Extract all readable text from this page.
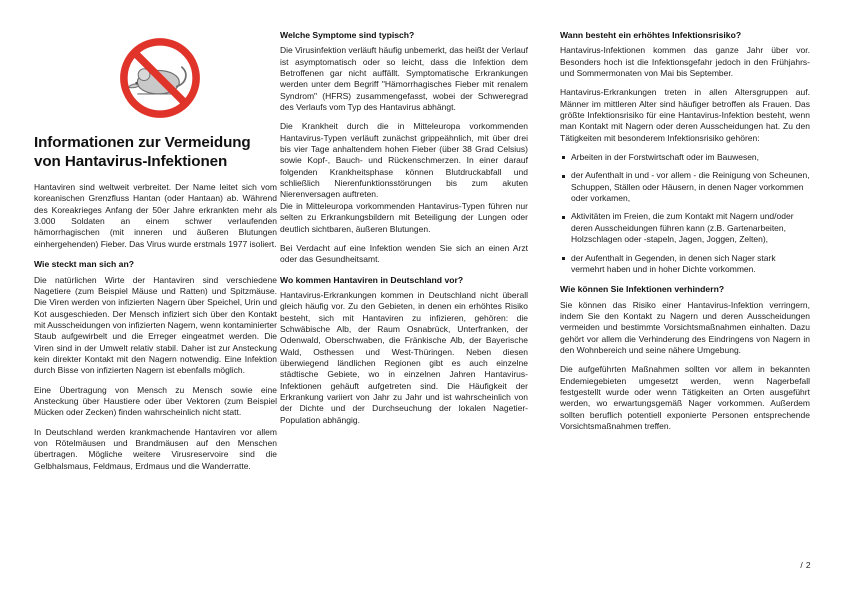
Informationen zur Vermeidung
von Hantavirus-Infektionen

Hantaviren sind weltweit verbreitet. Der Name leitet sich vom koreanischen Grenzfluss Hantan (oder Hantaan) ab. Während des Koreakrieges Anfang der 50er Jahre erkrankten mehr als 3.000 Soldaten an einem schwer verlaufenden hämorrhagischen (mit inneren und äußeren Blutungen einhergehenden) Fieber. Das Virus wurde erstmals 1977 isoliert.

Wie steckt man sich an?

Die natürlichen Wirte der Hantaviren sind verschiedene Nagetiere (zum Beispiel Mäuse und Ratten) und Spitzmäuse. Die Viren werden von infizierten Nagern über Speichel, Urin und Kot ausgeschieden. Der Mensch infiziert sich über den Kontakt mit Ausscheidungen von infizierten Nagern, wenn kontaminierter Staub aufgewirbelt und die Erreger eingeatmet werden. Die Viren sind in der Umwelt relativ stabil. Daher ist zur Ansteckung kein direkter Kontakt mit den Nagern notwendig. Eine Infektion durch Bisse von infizierten Nagern ist ebenfalls möglich.

Eine Übertragung von Mensch zu Mensch sowie eine Ansteckung über Haustiere oder über Vektoren (zum Beispiel Mücken oder Zecken) finden wahrscheinlich nicht statt.

In Deutschland werden krankmachende Hantaviren vor allem von Rötelmäusen und Brandmäusen auf den Menschen übertragen. Mögliche weitere Virusreservoire sind die Gelbhalsmaus, Feldmaus, Erdmaus und die Wanderratte.

Welche Symptome sind typisch?

Die Virusinfektion verläuft häufig unbemerkt, das heißt der Verlauf ist asymptomatisch oder so leicht, dass die Infektion dem Betroffenen gar nicht auffällt. Symptomatische Erkrankungen werden unter dem Begriff "Hämorrhagisches Fieber mit renalem Syndrom" (HFRS) zusammengefasst, wobei der Schweregrad des Verlaufs vom Typ des Hantavirus abhängt.

Die Krankheit durch die in Mitteleuropa vorkommenden Hantavirus-Typen verläuft zunächst grippeähnlich, mit über drei bis vier Tage anhaltendem hohen Fieber (über 38 Grad Celsius) sowie Kopf-, Bauch- und Rückenschmerzen. In einer darauf folgenden Krankheitsphase können Blutdruckabfall und schließlich Nierenfunktionsstörungen bis zum akuten Nierenversagen auftreten.

Die in Mitteleuropa vorkommenden Hantavirus-Typen führen nur selten zu Erkrankungsbildern mit Beteiligung der Lungen oder deutlich sichtbaren, äußeren Blutungen.

Bei Verdacht auf eine Infektion wenden Sie sich an einen Arzt oder das Gesundheitsamt.

Wo kommen Hantaviren in Deutschland vor?

Hantavirus-Erkrankungen kommen in Deutschland nicht überall gleich häufig vor. Zu den Gebieten, in denen ein erhöhtes Risiko besteht, sich mit Hantaviren zu infizieren, gehören: die Schwäbische Alb, der Raum Osnabrück, Unterfranken, der Odenwald, Oberschwaben, die Fränkische Alb, der Bayerische Wald, Osthessen und West-Thüringen. Neben diesen überwiegend ländlichen Regionen gibt es auch einzelne städtische Gebiete, wo in einzelnen Jahren Hantavirus-Infektionen gehäuft aufgetreten sind. Die Häufigkeit der Erkrankung variiert von Jahr zu Jahr und ist wahrscheinlich von der Dichte und der Durchseuchung der lokalen Nagetier-Population abhängig.

Wann besteht ein erhöhtes Infektionsrisiko?

Hantavirus-Infektionen kommen das ganze Jahr über vor. Besonders hoch ist die Infektionsgefahr jedoch in den Frühjahrs- und Sommermonaten von Mai bis September.

Hantavirus-Erkrankungen treten in allen Altersgruppen auf. Männer im mittleren Alter sind häufiger betroffen als Frauen. Das größte Infektionsrisiko für eine Hantavirus-Infektion besteht, wenn man Kontakt mit Nagern oder deren Ausscheidungen hat. Zu den Tätigkeiten mit besonderem Infektionsrisiko gehören:

Arbeiten in der Forstwirtschaft oder im Bauwesen,
der Aufenthalt in und - vor allem - die Reinigung von Scheunen, Schuppen, Ställen oder Häusern, in denen Nager vorkommen oder vorkamen,
Aktivitäten im Freien, die zum Kontakt mit Nagern und/oder deren Ausscheidungen führen kann (z.B. Gartenarbeiten, Holzschlagen oder -stapeln, Jagen, Joggen, Zelten),
der Aufenthalt in Gegenden, in denen sich Nager stark vermehrt haben und in hoher Dichte vorkommen.
Wie können Sie Infektionen verhindern?

Sie können das Risiko einer Hantavirus-Infektion verringern, indem Sie den Kontakt zu Nagern und deren Ausscheidungen vermeiden und bestimmte Vorsichtsmaßnahmen einhalten. Dazu gehört vor allem die Verhinderung des Eindringens von Nagern in den Wohnbereich und seine nähere Umgebung.

Die aufgeführten Maßnahmen sollten vor allem in bekannten Endemiegebieten umgesetzt werden, wenn Nagerbefall festgestellt wurde oder wenn Tätigkeiten an Orten ausgeführt werden, wo erwartungsgemäß Nager vorkommen. Außerdem sollten beruflich potentiell exponierte Personen entsprechende Vorsichtsmaßnahmen treffen.

/ 2
